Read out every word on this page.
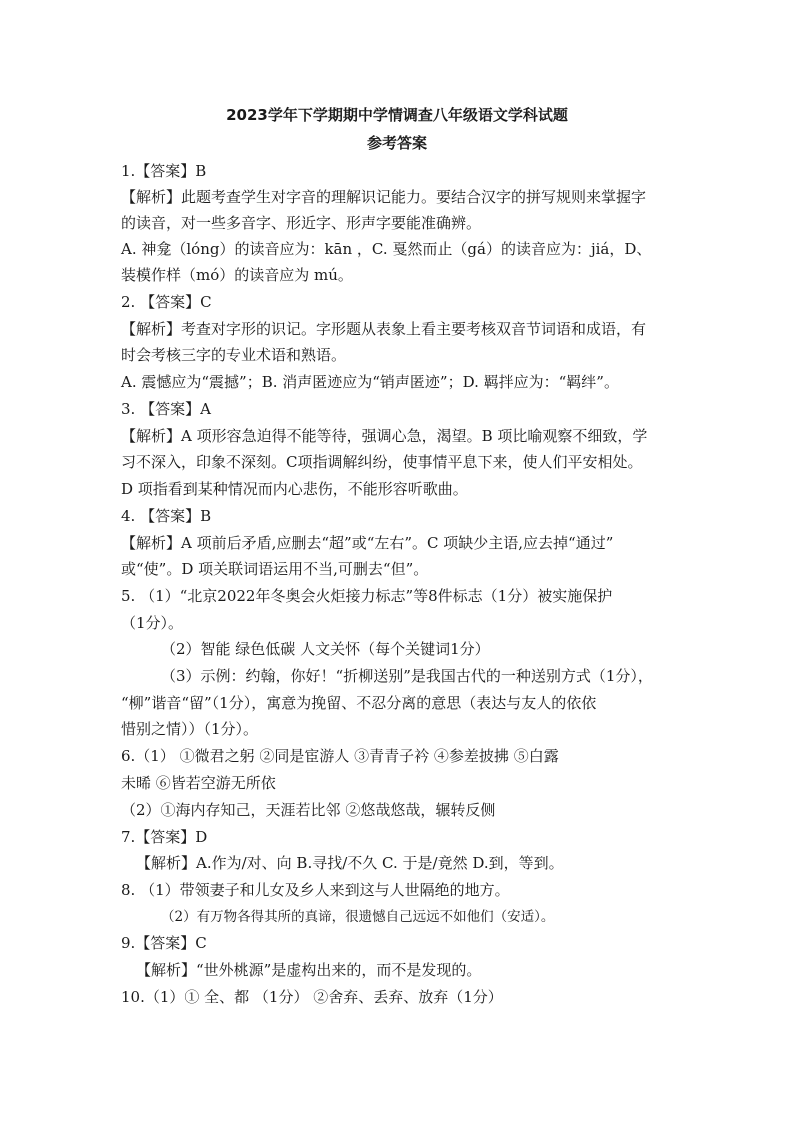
2023学年下学期期中学情调查八年级语文学科试题
参考答案
1.【答案】B
【解析】此题考查学生对字音的理解识记能力。要结合汉字的拼写规则来掌握字
的读音，对一些多音字、形近字、形声字要能准确辨。
A. 神龛（lóng）的读音应为：kān ，C. 戛然而止（gá）的读音应为：jiá，D、
装模作样（mó）的读音应为 mú。
2. 【答案】C
【解析】考查对字形的识记。字形题从表象上看主要考核双音节词语和成语，有
时会考核三字的专业术语和熟语。
A. 震憾应为“震撼”；B. 消声匿迹应为“销声匿迹”；D. 羁拌应为：“羁绊”。
3. 【答案】A
【解析】A 项形容急迫得不能等待，强调心急，渴望。B 项比喻观察不细致，学
习不深入，印象不深刻。C项指调解纠纷，使事情平息下来，使人们平安相处。
D 项指看到某种情况而内心悲伤，不能形容听歌曲。
4. 【答案】B
【解析】A 项前后矛盾,应删去“超”或“左右”。C 项缺少主语,应去掉“通过”
或“使”。D 项关联词语运用不当,可删去“但”。
5. （1）“北京2022年冬奥会火炬接力标志”等8件标志（1分）被实施保护
（1分）。
（2）智能 绿色低碳 人文关怀（每个关键词1分）
（3）示例：约翰，你好！“折柳送别”是我国古代的一种送别方式（1分），
“柳”谐音“留”（1分），寓意为挽留、不忍分离的意思（表达与友人的依依
惜别之情））（1分）。
6.（1） ①微君之躬 ②同是宦游人 ③青青子衿 ④参差披拂 ⑤白露
未晞 ⑥皆若空游无所依
（2）①海内存知己，天涯若比邻 ②悠哉悠哉，辗转反侧
7.【答案】D
【解析】A.作为/对、向 B.寻找/不久 C. 于是/竟然 D.到，等到。
8. （1）带领妻子和儿女及乡人来到这与人世隔绝的地方。
（2）有万物各得其所的真谛，很遗憾自己远远不如他们（安适）。
9.【答案】C
【解析】“世外桃源”是虚构出来的，而不是发现的。
10.（1）① 全、都 （1分） ②舍弃、丢弃、放弃（1分）
